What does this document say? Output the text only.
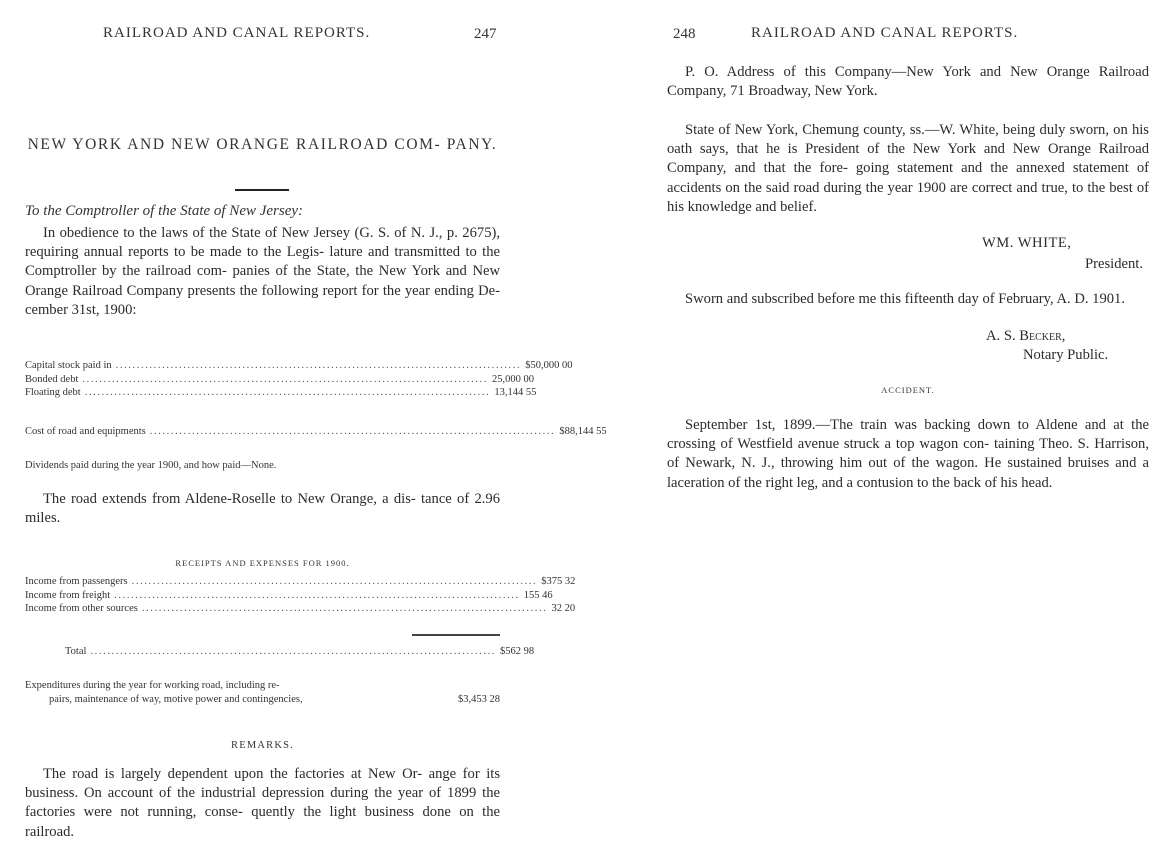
RAILROAD AND CANAL REPORTS.	247
NEW YORK AND NEW ORANGE RAILROAD COM- PANY.
To the Comptroller of the State of New Jersey:
In obedience to the laws of the State of New Jersey (G. S. of N. J., p. 2675), requiring annual reports to be made to the Legis- lature and transmitted to the Comptroller by the railroad com- panies of the State, the New York and New Orange Railroad Company presents the following report for the year ending De- cember 31st, 1900:
Capital stock paid in ................................................................................................ $50,000 00
Bonded debt ................................................................................................ 25,000 00
Floating debt ................................................................................................ 13,144 55
Cost of road and equipments ................................................................................................ $88,144 55
Dividends paid during the year 1900, and how paid—None.
The road extends from Aldene-Roselle to New Orange, a dis- tance of 2.96 miles.
RECEIPTS AND EXPENSES FOR 1900.
Income from passengers ................................................................................................ $375 32
Income from freight ................................................................................................ 155 46
Income from other sources ................................................................................................ 32 20
Total ................................................................................................ $562 98
Expenditures during the year for working road, including re-
pairs, maintenance of way, motive power and contingencies,	$3,453 28
REMARKS.
The road is largely dependent upon the factories at New Or- ange for its business. On account of the industrial depression during the year of 1899 the factories were not running, conse- quently the light business done on the railroad.
248	RAILROAD AND CANAL REPORTS.
P. O. Address of this Company—New York and New Orange Railroad Company, 71 Broadway, New York.
State of New York, Chemung county, ss.—W. White, being duly sworn, on his oath says, that he is President of the New York and New Orange Railroad Company, and that the fore- going statement and the annexed statement of accidents on the said road during the year 1900 are correct and true, to the best of his knowledge and belief.
WM. WHITE,
President.
Sworn and subscribed before me this fifteenth day of February, A. D. 1901.
A. S. Becker,
Notary Public.
ACCIDENT.
September 1st, 1899.—The train was backing down to Aldene and at the crossing of Westfield avenue struck a top wagon con- taining Theo. S. Harrison, of Newark, N. J., throwing him out of the wagon. He sustained bruises and a laceration of the right leg, and a contusion to the back of his head.
